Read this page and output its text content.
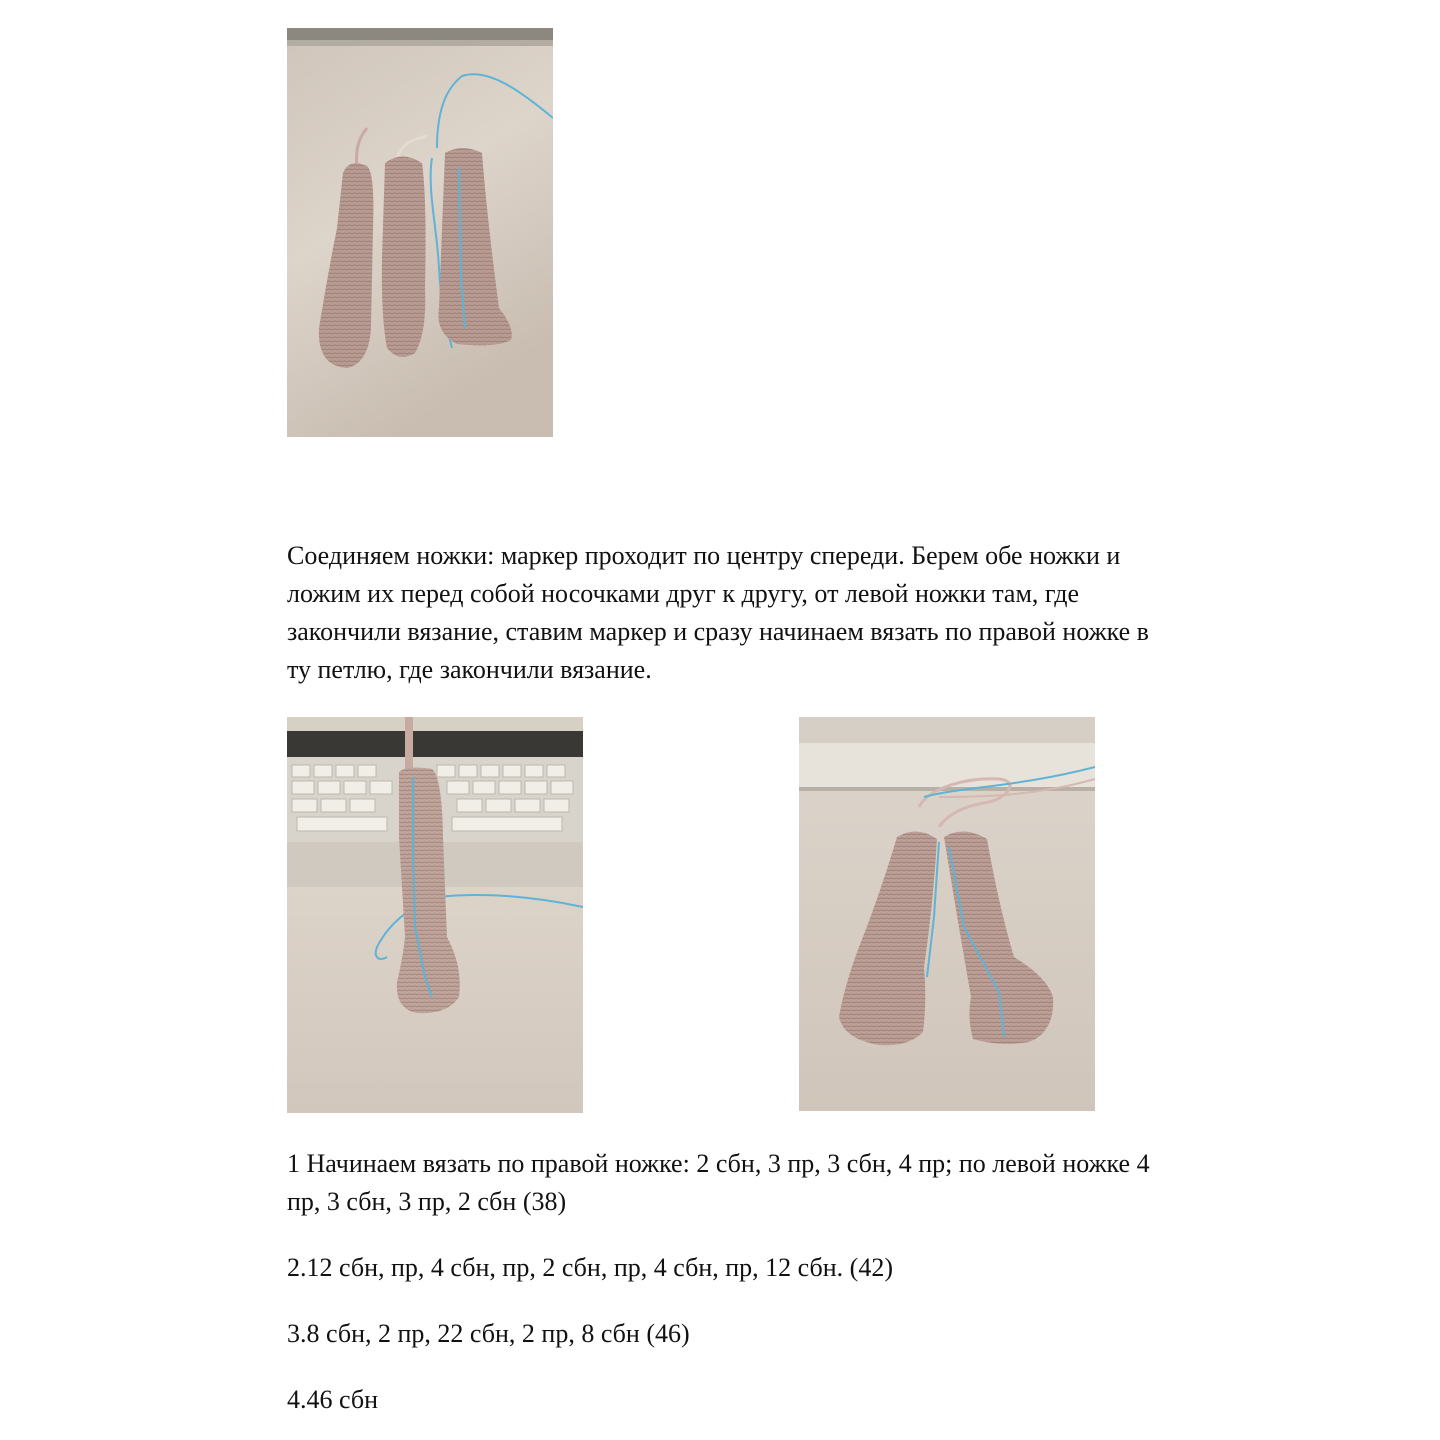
Соединяем ножки: маркер проходит по центру спереди. Берем обе ножки и
ложим их перед собой носочками друг к другу, от левой ножки там, где
закончили вязание, ставим маркер и сразу начинаем вязать по правой ножке в
ту петлю, где закончили вязание.

1 Начинаем вязать по правой ножке: 2 сбн, 3 пр, 3 сбн, 4 пр; по левой ножке 4
пр, 3 сбн, 3 пр, 2 сбн (38)

2.12 сбн, пр, 4 сбн, пр, 2 сбн, пр, 4 сбн, пр, 12 сбн. (42)

3.8 сбн, 2 пр, 22 сбн, 2 пр, 8 сбн (46)

4.46 сбн
